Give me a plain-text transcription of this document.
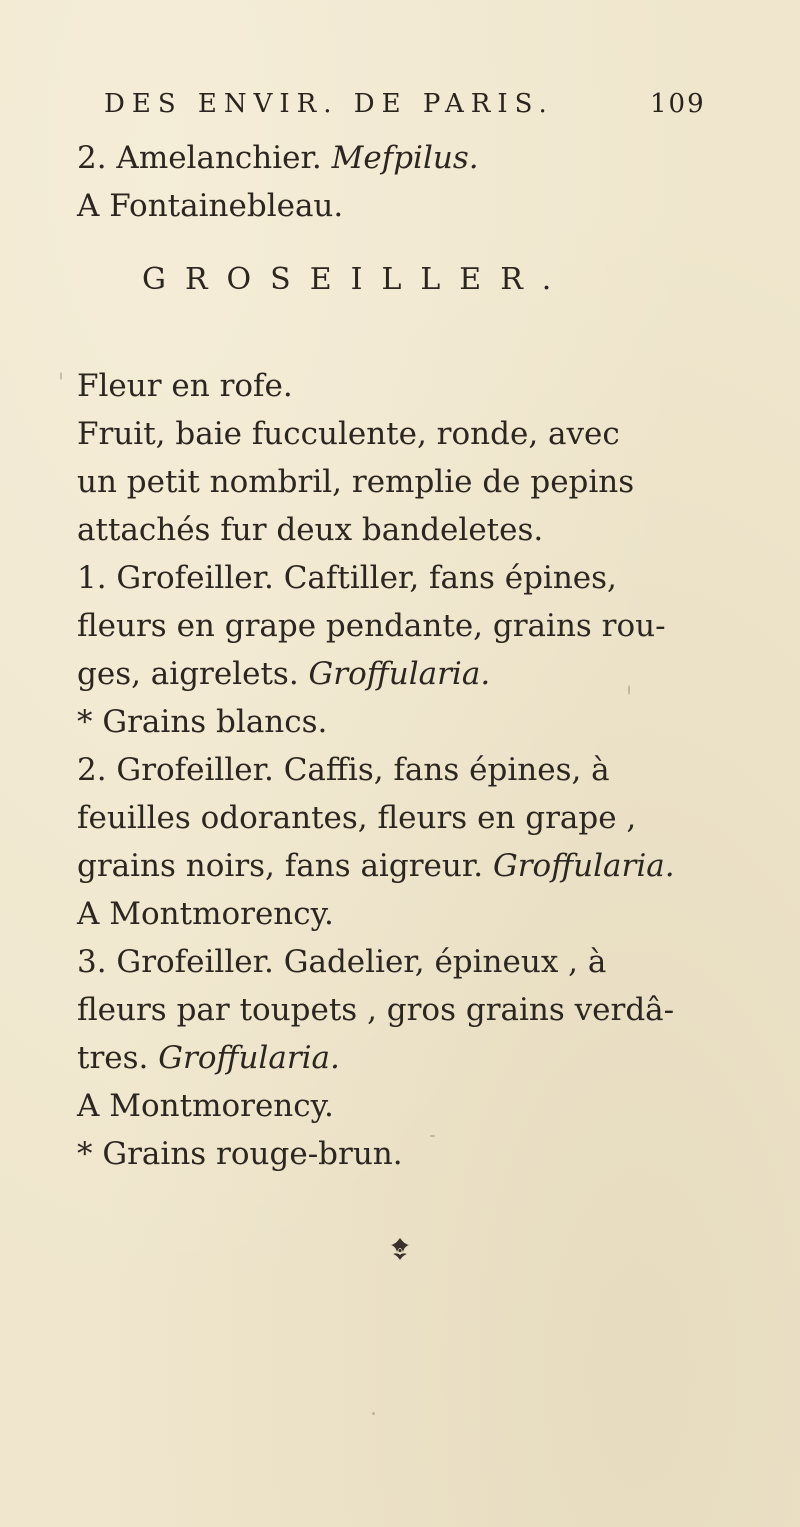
DES ENVIR. DE PARIS.	109
2. Amelanchier. Mefpilus.
A Fontainebleau.
GROSEILLER.
Fleur en rofe.
Fruit, baie fucculente, ronde, avec
un petit nombril, remplie de pepins
attachés fur deux bandeletes.
1. Grofeiller. Caftiller, fans épines,
fleurs en grape pendante, grains rou-
ges, aigrelets. Groffularia.
* Grains blancs.
2. Grofeiller. Caffis, fans épines, à
feuilles odorantes, fleurs en grape ,
grains noirs, fans aigreur. Groffularia.
A Montmorency.
3. Grofeiller. Gadelier, épineux , à
fleurs par toupets , gros grains verdâ-
tres. Groffularia.
A Montmorency.
* Grains rouge-brun.
